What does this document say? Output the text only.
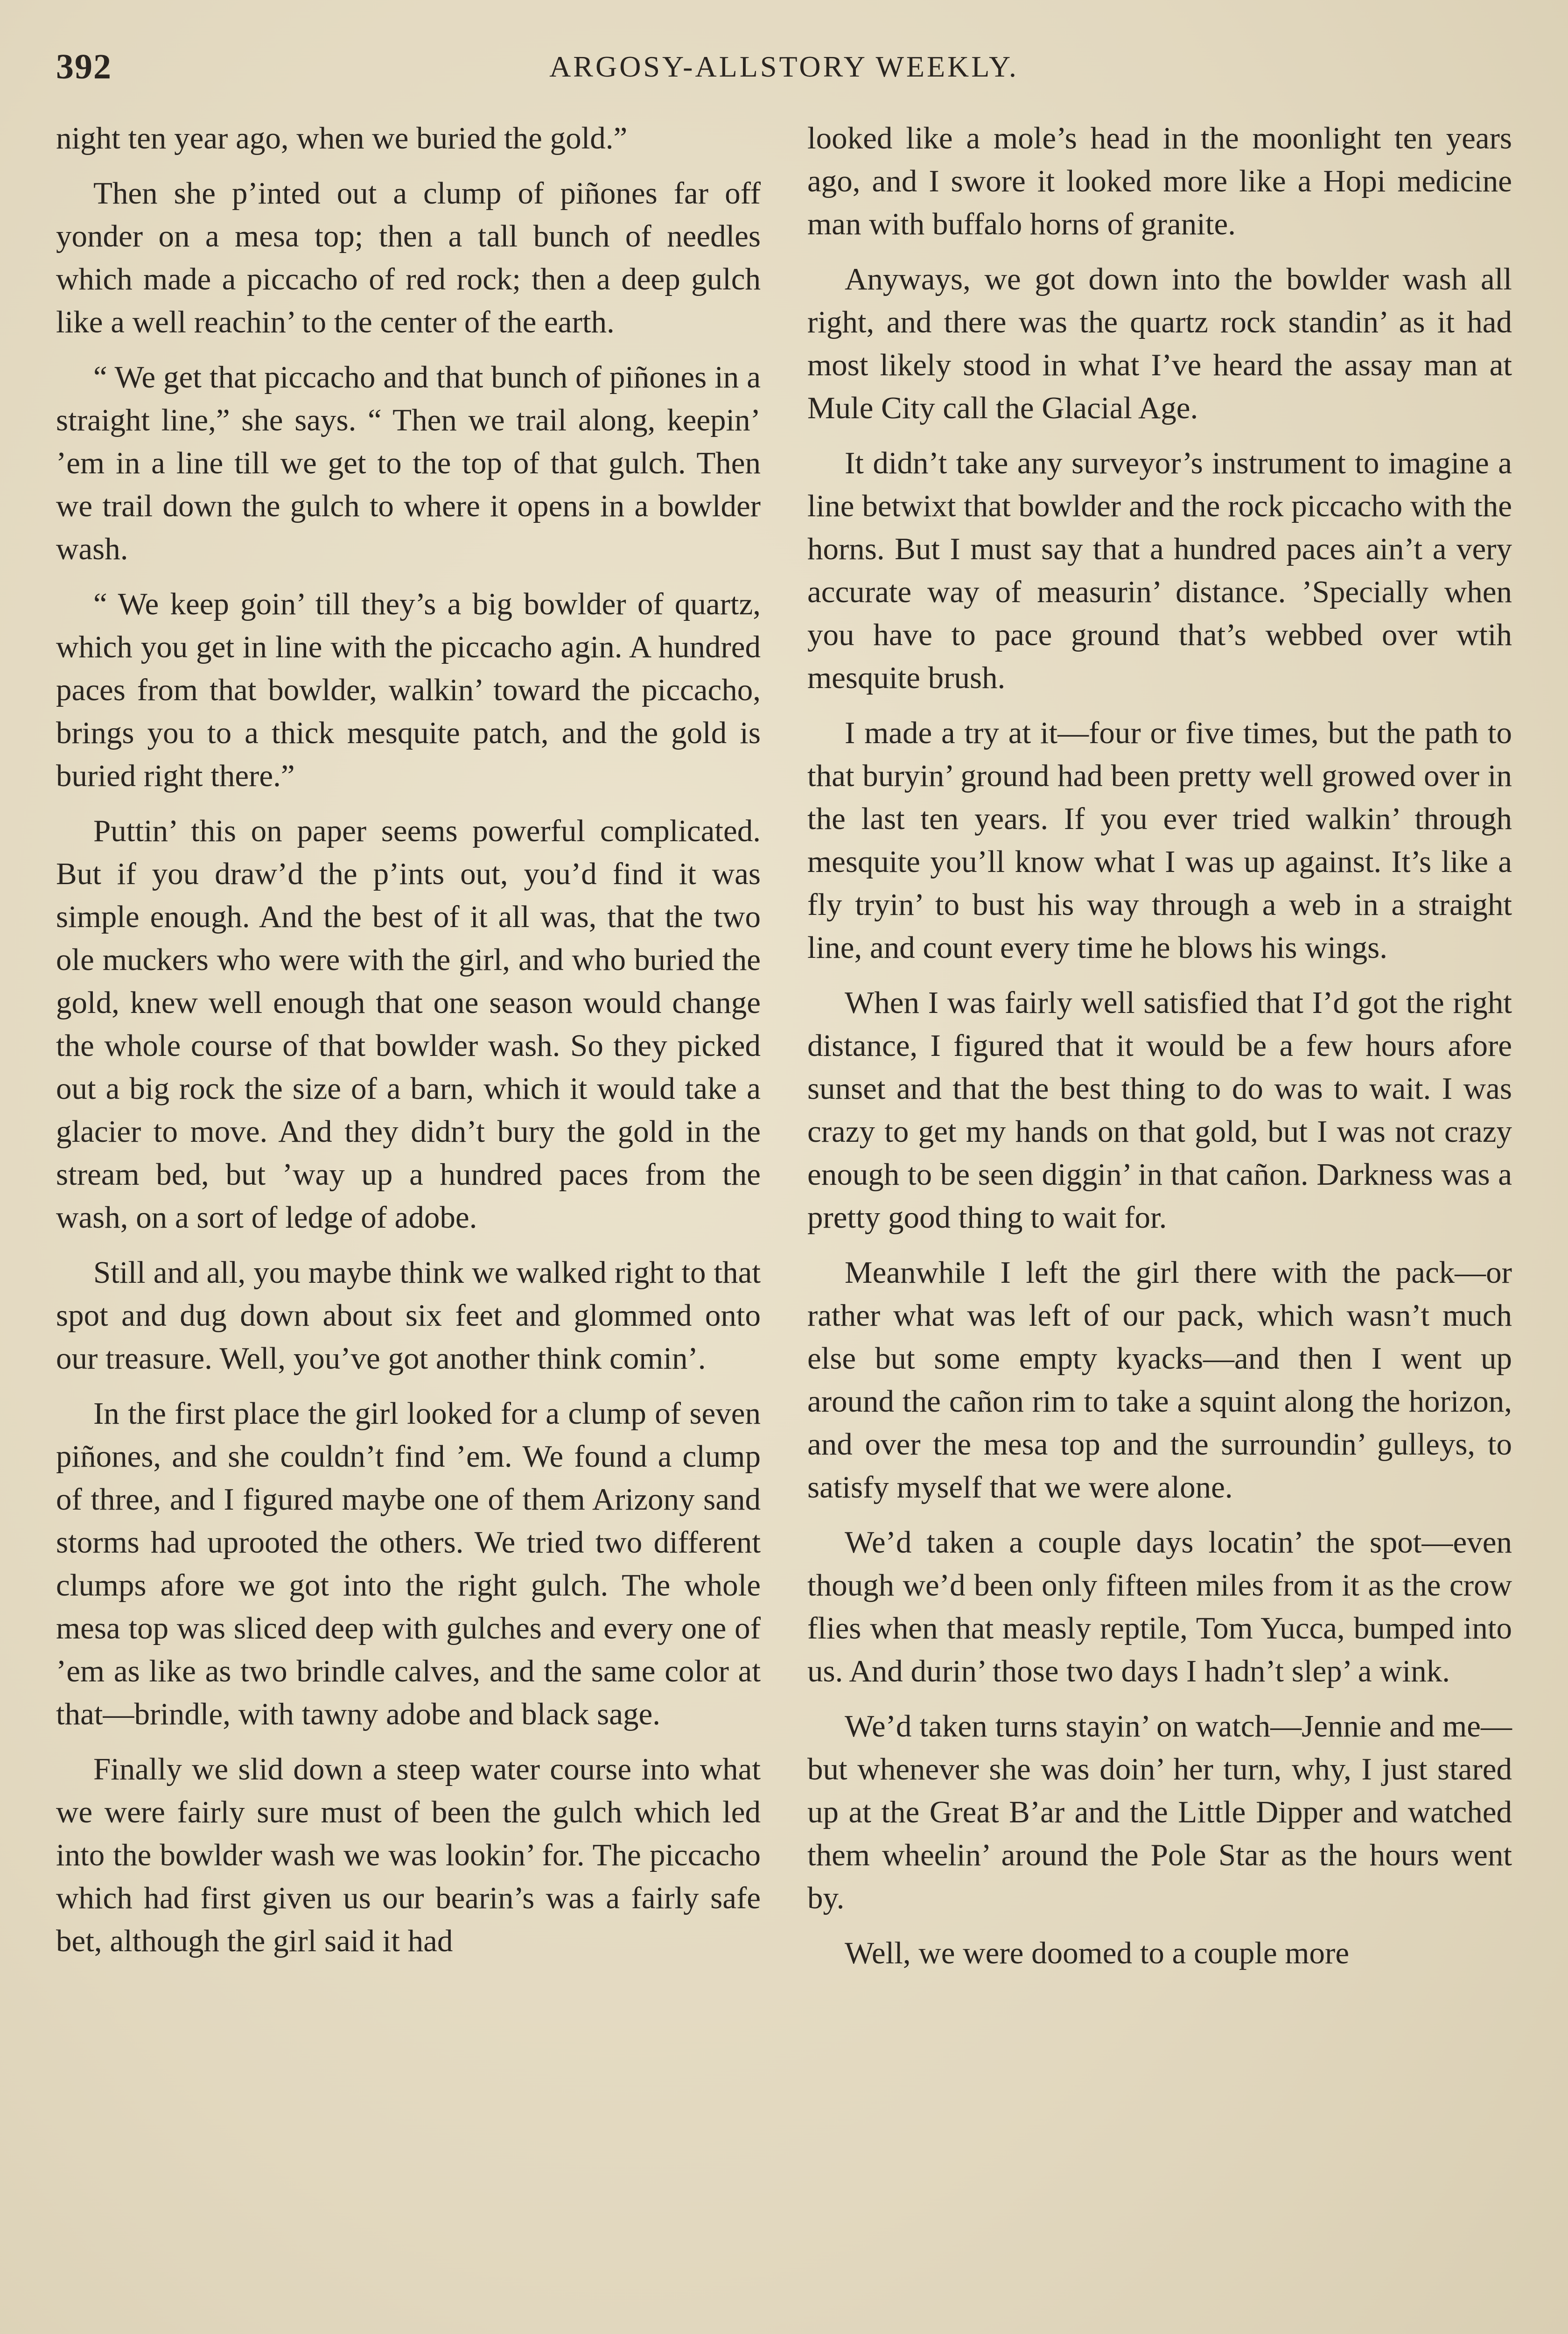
392	ARGOSY-ALLSTORY WEEKLY.

night ten year ago, when we buried the gold.”

Then she p’inted out a clump of piñones far off yonder on a mesa top; then a tall bunch of needles which made a piccacho of red rock; then a deep gulch like a well reachin’ to the center of the earth.

“ We get that piccacho and that bunch of piñones in a straight line,” she says. “ Then we trail along, keepin’ ’em in a line till we get to the top of that gulch. Then we trail down the gulch to where it opens in a bowlder wash.

“ We keep goin’ till they’s a big bowlder of quartz, which you get in line with the piccacho agin. A hundred paces from that bowlder, walkin’ toward the piccacho, brings you to a thick mesquite patch, and the gold is buried right there.”

Puttin’ this on paper seems powerful complicated. But if you draw’d the p’ints out, you’d find it was simple enough. And the best of it all was, that the two ole muckers who were with the girl, and who buried the gold, knew well enough that one season would change the whole course of that bowlder wash. So they picked out a big rock the size of a barn, which it would take a glacier to move. And they didn’t bury the gold in the stream bed, but ’way up a hundred paces from the wash, on a sort of ledge of adobe.

Still and all, you maybe think we walked right to that spot and dug down about six feet and glommed onto our treasure. Well, you’ve got another think comin’.

In the first place the girl looked for a clump of seven piñones, and she couldn’t find ’em. We found a clump of three, and I figured maybe one of them Arizony sand storms had uprooted the others. We tried two different clumps afore we got into the right gulch. The whole mesa top was sliced deep with gulches and every one of ’em as like as two brindle calves, and the same color at that—brindle, with tawny adobe and black sage.

Finally we slid down a steep water course into what we were fairly sure must of been the gulch which led into the bowlder wash we was lookin’ for. The piccacho which had first given us our bearin’s was a fairly safe bet, although the girl said it had

looked like a mole’s head in the moonlight ten years ago, and I swore it looked more like a Hopi medicine man with buffalo horns of granite.

Anyways, we got down into the bowlder wash all right, and there was the quartz rock standin’ as it had most likely stood in what I’ve heard the assay man at Mule City call the Glacial Age.

It didn’t take any surveyor’s instrument to imagine a line betwixt that bowlder and the rock piccacho with the horns. But I must say that a hundred paces ain’t a very accurate way of measurin’ distance. ’Specially when you have to pace ground that’s webbed over wtih mesquite brush.

I made a try at it—four or five times, but the path to that buryin’ ground had been pretty well growed over in the last ten years. If you ever tried walkin’ through mesquite you’ll know what I was up against. It’s like a fly tryin’ to bust his way through a web in a straight line, and count every time he blows his wings.

When I was fairly well satisfied that I’d got the right distance, I figured that it would be a few hours afore sunset and that the best thing to do was to wait. I was crazy to get my hands on that gold, but I was not crazy enough to be seen diggin’ in that cañon. Darkness was a pretty good thing to wait for.

Meanwhile I left the girl there with the pack—or rather what was left of our pack, which wasn’t much else but some empty kyacks—and then I went up around the cañon rim to take a squint along the horizon, and over the mesa top and the surroundin’ gulleys, to satisfy myself that we were alone.

We’d taken a couple days locatin’ the spot—even though we’d been only fifteen miles from it as the crow flies when that measly reptile, Tom Yucca, bumped into us. And durin’ those two days I hadn’t slep’ a wink.

We’d taken turns stayin’ on watch—Jennie and me—but whenever she was doin’ her turn, why, I just stared up at the Great B’ar and the Little Dipper and watched them wheelin’ around the Pole Star as the hours went by.

Well, we were doomed to a couple more
